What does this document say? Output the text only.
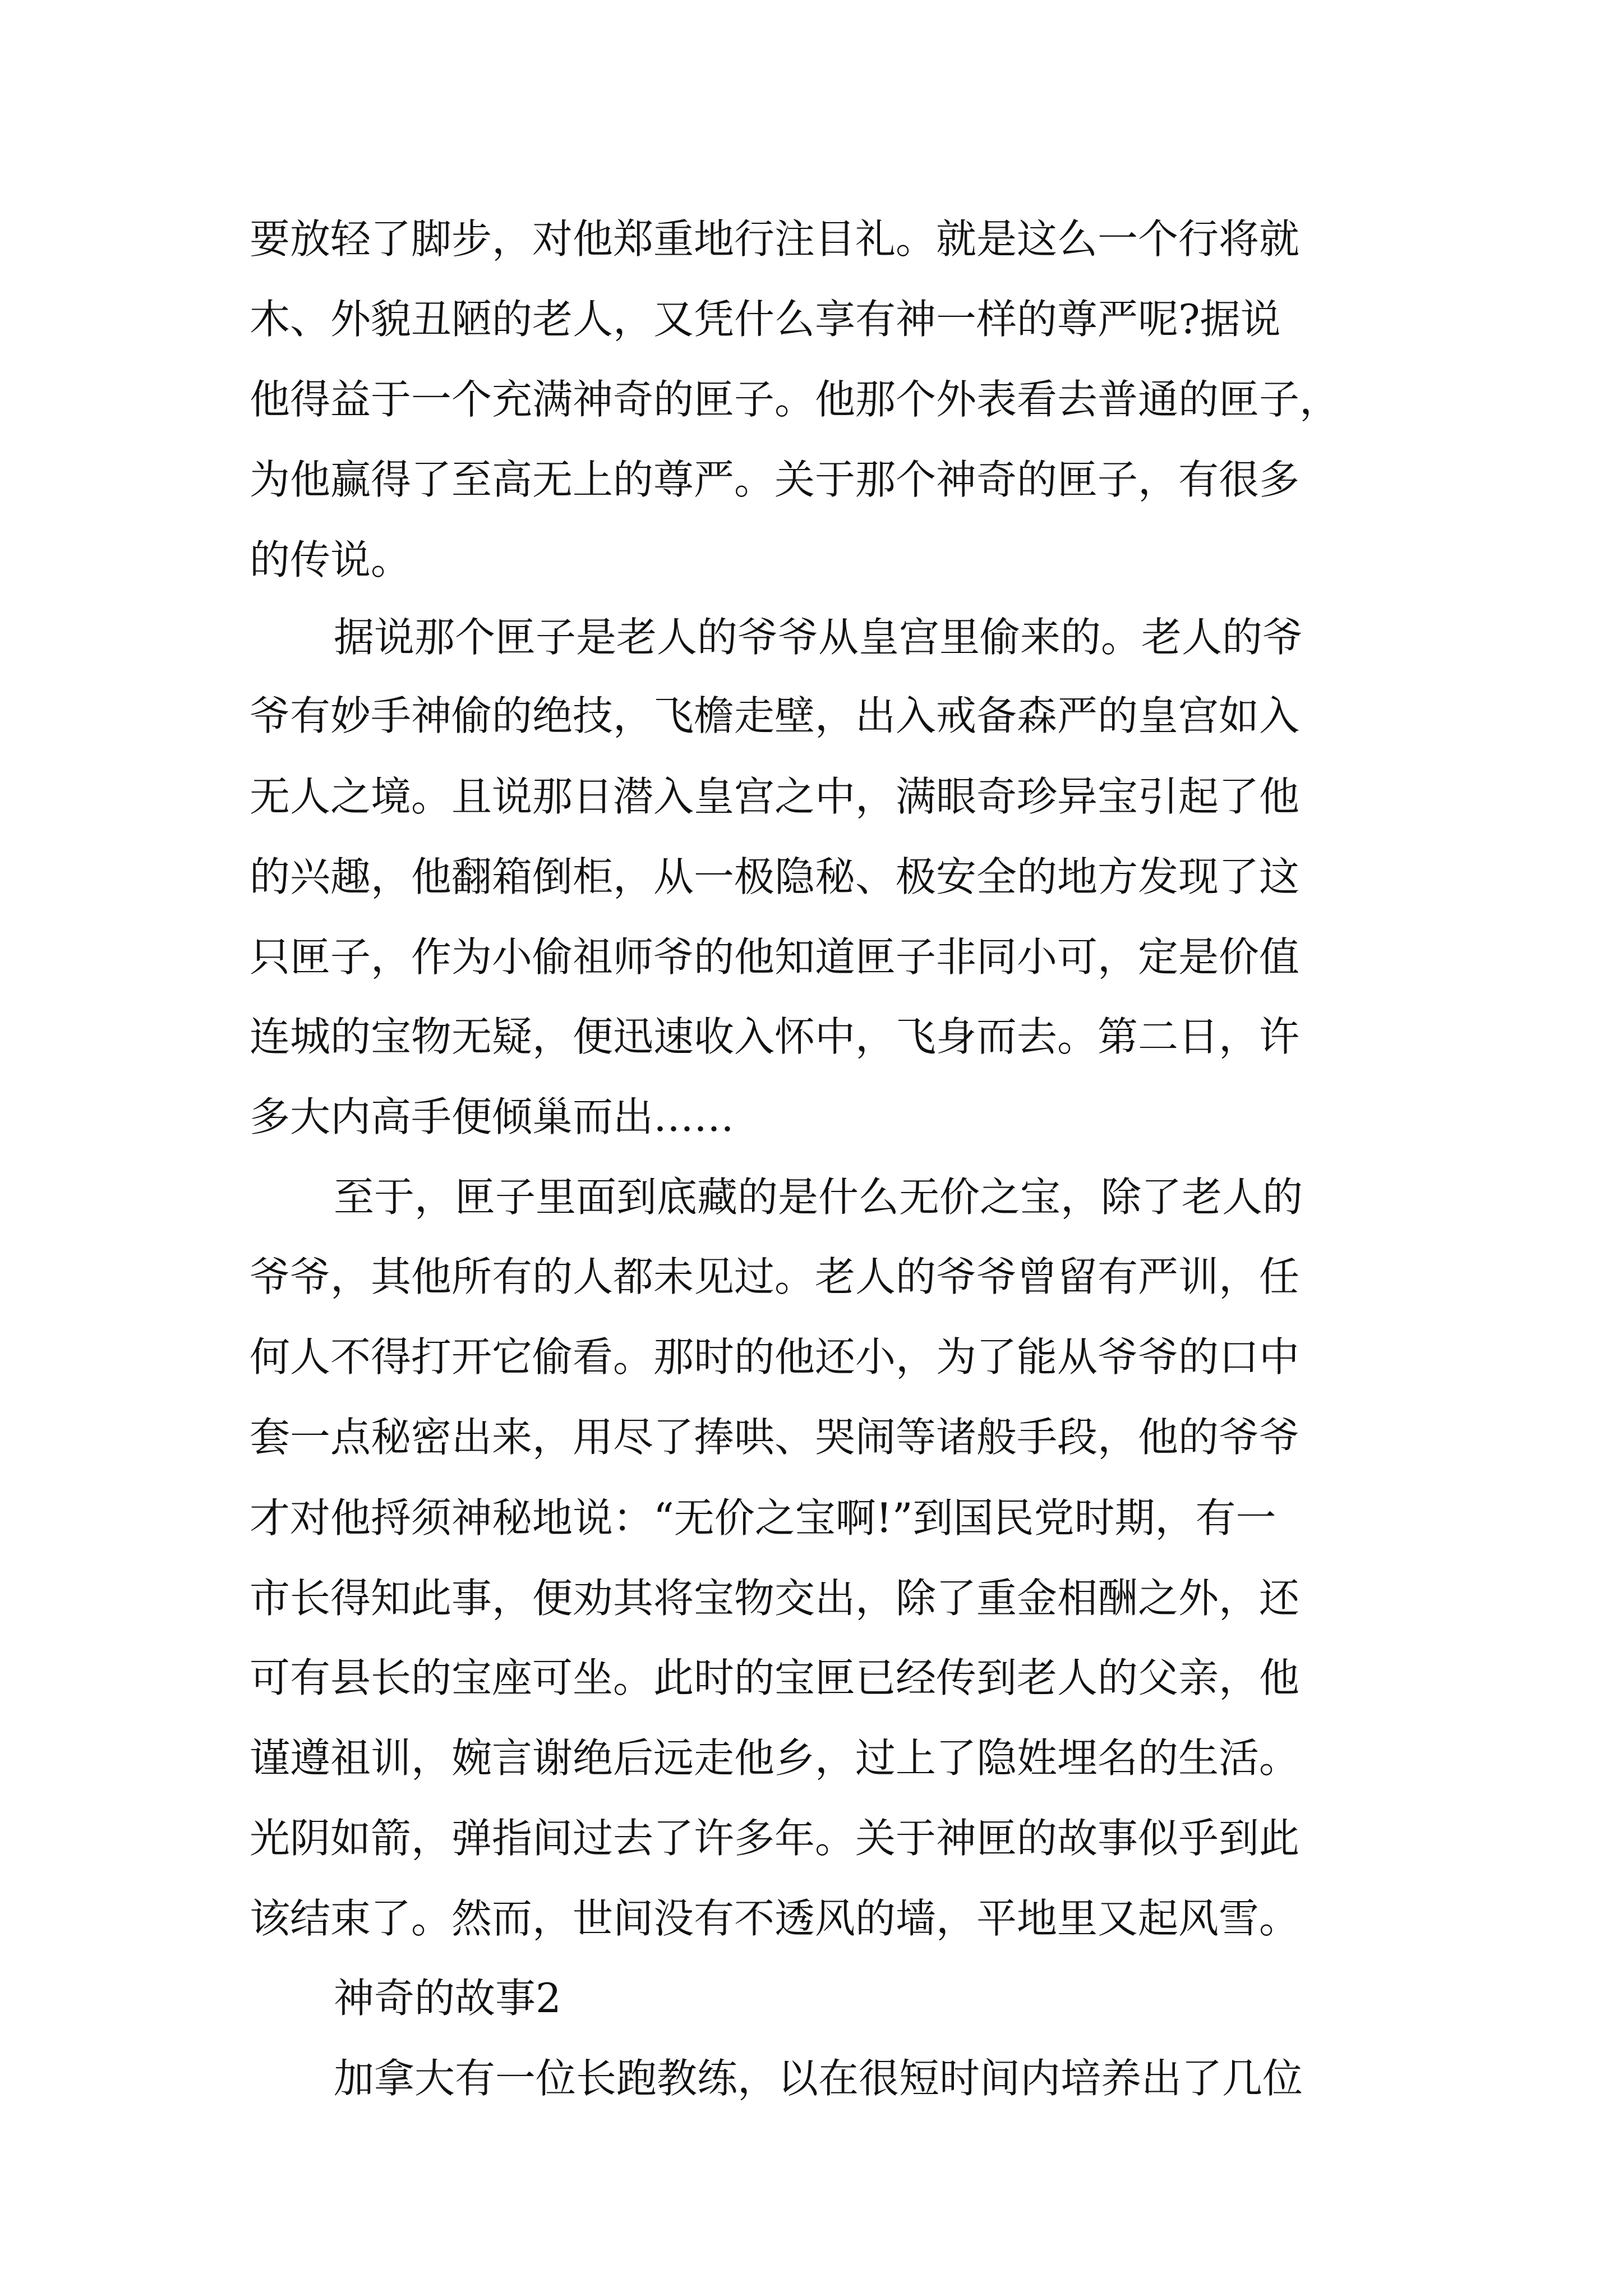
要放轻了脚步，对他郑重地行注目礼。就是这么一个行将就

木、外貌丑陋的老人，又凭什么享有神一样的尊严呢?据说

他得益于一个充满神奇的匣子。他那个外表看去普通的匣子，

为他赢得了至高无上的尊严。关于那个神奇的匣子，有很多

的传说。

据说那个匣子是老人的爷爷从皇宫里偷来的。老人的爷

爷有妙手神偷的绝技，飞檐走壁，出入戒备森严的皇宫如入

无人之境。且说那日潜入皇宫之中，满眼奇珍异宝引起了他

的兴趣，他翻箱倒柜，从一极隐秘、极安全的地方发现了这

只匣子，作为小偷祖师爷的他知道匣子非同小可，定是价值

连城的宝物无疑，便迅速收入怀中，飞身而去。第二日，许

多大内高手便倾巢而出……

至于，匣子里面到底藏的是什么无价之宝，除了老人的

爷爷，其他所有的人都未见过。老人的爷爷曾留有严训，任

何人不得打开它偷看。那时的他还小，为了能从爷爷的口中

套一点秘密出来，用尽了捧哄、哭闹等诸般手段，他的爷爷

才对他捋须神秘地说：“无价之宝啊!”到国民党时期，有一

市长得知此事，便劝其将宝物交出，除了重金相酬之外，还

可有县长的宝座可坐。此时的宝匣已经传到老人的父亲，他

谨遵祖训，婉言谢绝后远走他乡，过上了隐姓埋名的生活。

光阴如箭，弹指间过去了许多年。关于神匣的故事似乎到此

该结束了。然而，世间没有不透风的墙，平地里又起风雪。

神奇的故事2

加拿大有一位长跑教练，以在很短时间内培养出了几位
